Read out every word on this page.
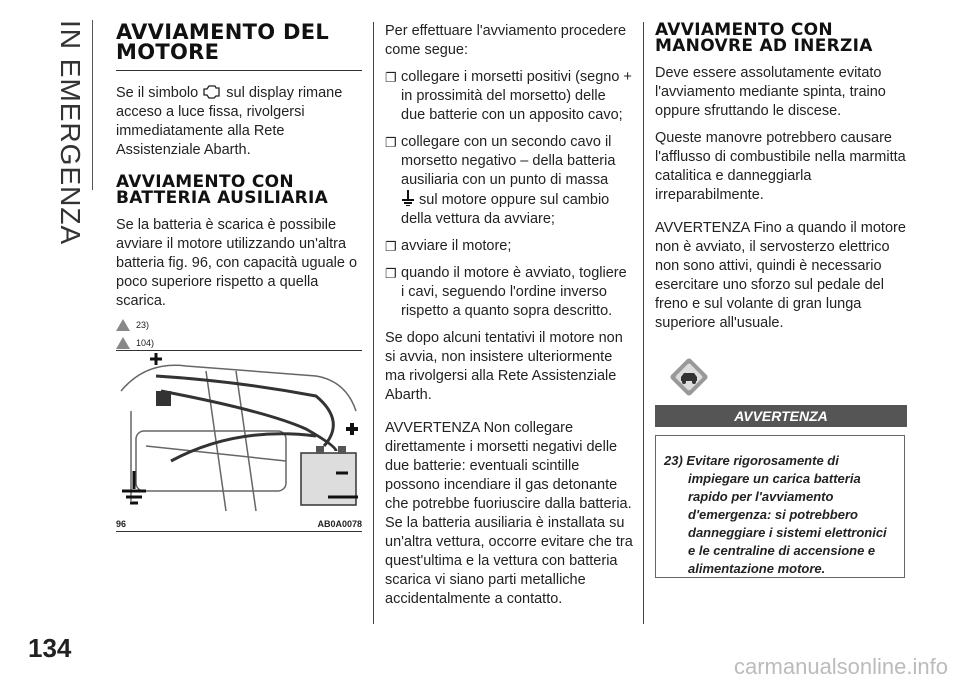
IN EMERGENZA AVVIAMENTO DEL MOTORE

Se il simbolo sul display rimane acceso a luce fissa, rivolgersi immediatamente alla Rete Assistenziale Abarth.

AVVIAMENTO CON BATTERIA AUSILIARIA

Se la batteria è scarica è possibile avviare il motore utilizzando un'altra batteria fig. 96, con capacità uguale o poco superiore rispetto a quella scarica.

23)
104)
96	AB0A0078

Per effettuare l'avviamento procedere come segue:

❐ collegare i morsetti positivi (segno + in prossimità del morsetto) delle due batterie con un apposito cavo;
❐ collegare con un secondo cavo il morsetto negativo – della batteria ausiliaria con un punto di massa
sul motore oppure sul cambio della vettura da avviare;
❐ avviare il motore;
❐ quando il motore è avviato, togliere i cavi, seguendo l'ordine inverso rispetto a quanto sopra descritto.

Se dopo alcuni tentativi il motore non si avvia, non insistere ulteriormente ma rivolgersi alla Rete Assistenziale Abarth.

AVVERTENZA Non collegare direttamente i morsetti negativi delle due batterie: eventuali scintille possono incendiare il gas detonante che potrebbe fuoriuscire dalla batteria. Se la batteria ausiliaria è installata su un'altra vettura, occorre evitare che tra quest'ultima e la vettura con batteria scarica vi siano parti metalliche accidentalmente a contatto.

AVVIAMENTO CON MANOVRE AD INERZIA

Deve essere assolutamente evitato l'avviamento mediante spinta, traino oppure sfruttando le discese.

Queste manovre potrebbero causare l'afflusso di combustibile nella marmitta catalitica e danneggiarla irreparabilmente.

AVVERTENZA Fino a quando il motore non è avviato, il servosterzo elettrico non sono attivi, quindi è necessario esercitare uno sforzo sul pedale del freno e sul volante di gran lunga superiore all'usuale.

AVVERTENZA

23) Evitare rigorosamente di impiegare un carica batteria rapido per l'avviamento d'emergenza: si potrebbero danneggiare i sistemi elettronici e le centraline di accensione e alimentazione motore.

134
carmanualsonline.info
